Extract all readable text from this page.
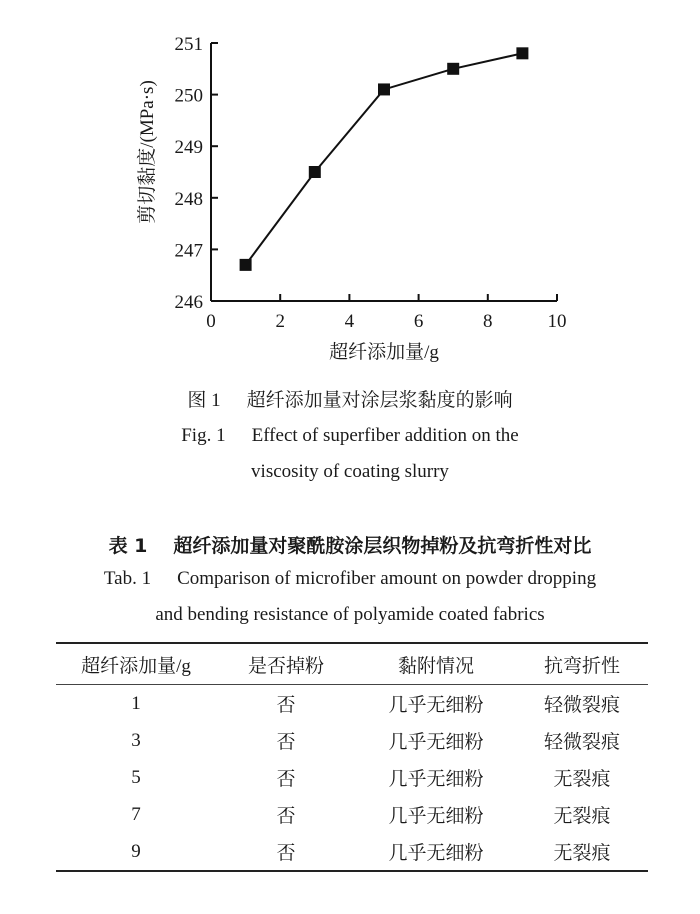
246
247
248
249
250
251
0	2	4	6	8	10
超纤添加量/g
剪切黏度/(MPa·s)
图 1 超纤添加量对涂层浆黏度的影响
Fig. 1 Effect of superfiber addition on the
viscosity of coating slurry
表 1 超纤添加量对聚酰胺涂层织物掉粉及抗弯折性对比
Tab. 1 Comparison of microfiber amount on powder dropping
and bending resistance of polyamide coated fabrics
超纤添加量/g	是否掉粉	黏附情况	抗弯折性
1	否	几乎无细粉	轻微裂痕
3	否	几乎无细粉	轻微裂痕
5	否	几乎无细粉	无裂痕
7	否	几乎无细粉	无裂痕
9	否	几乎无细粉	无裂痕
